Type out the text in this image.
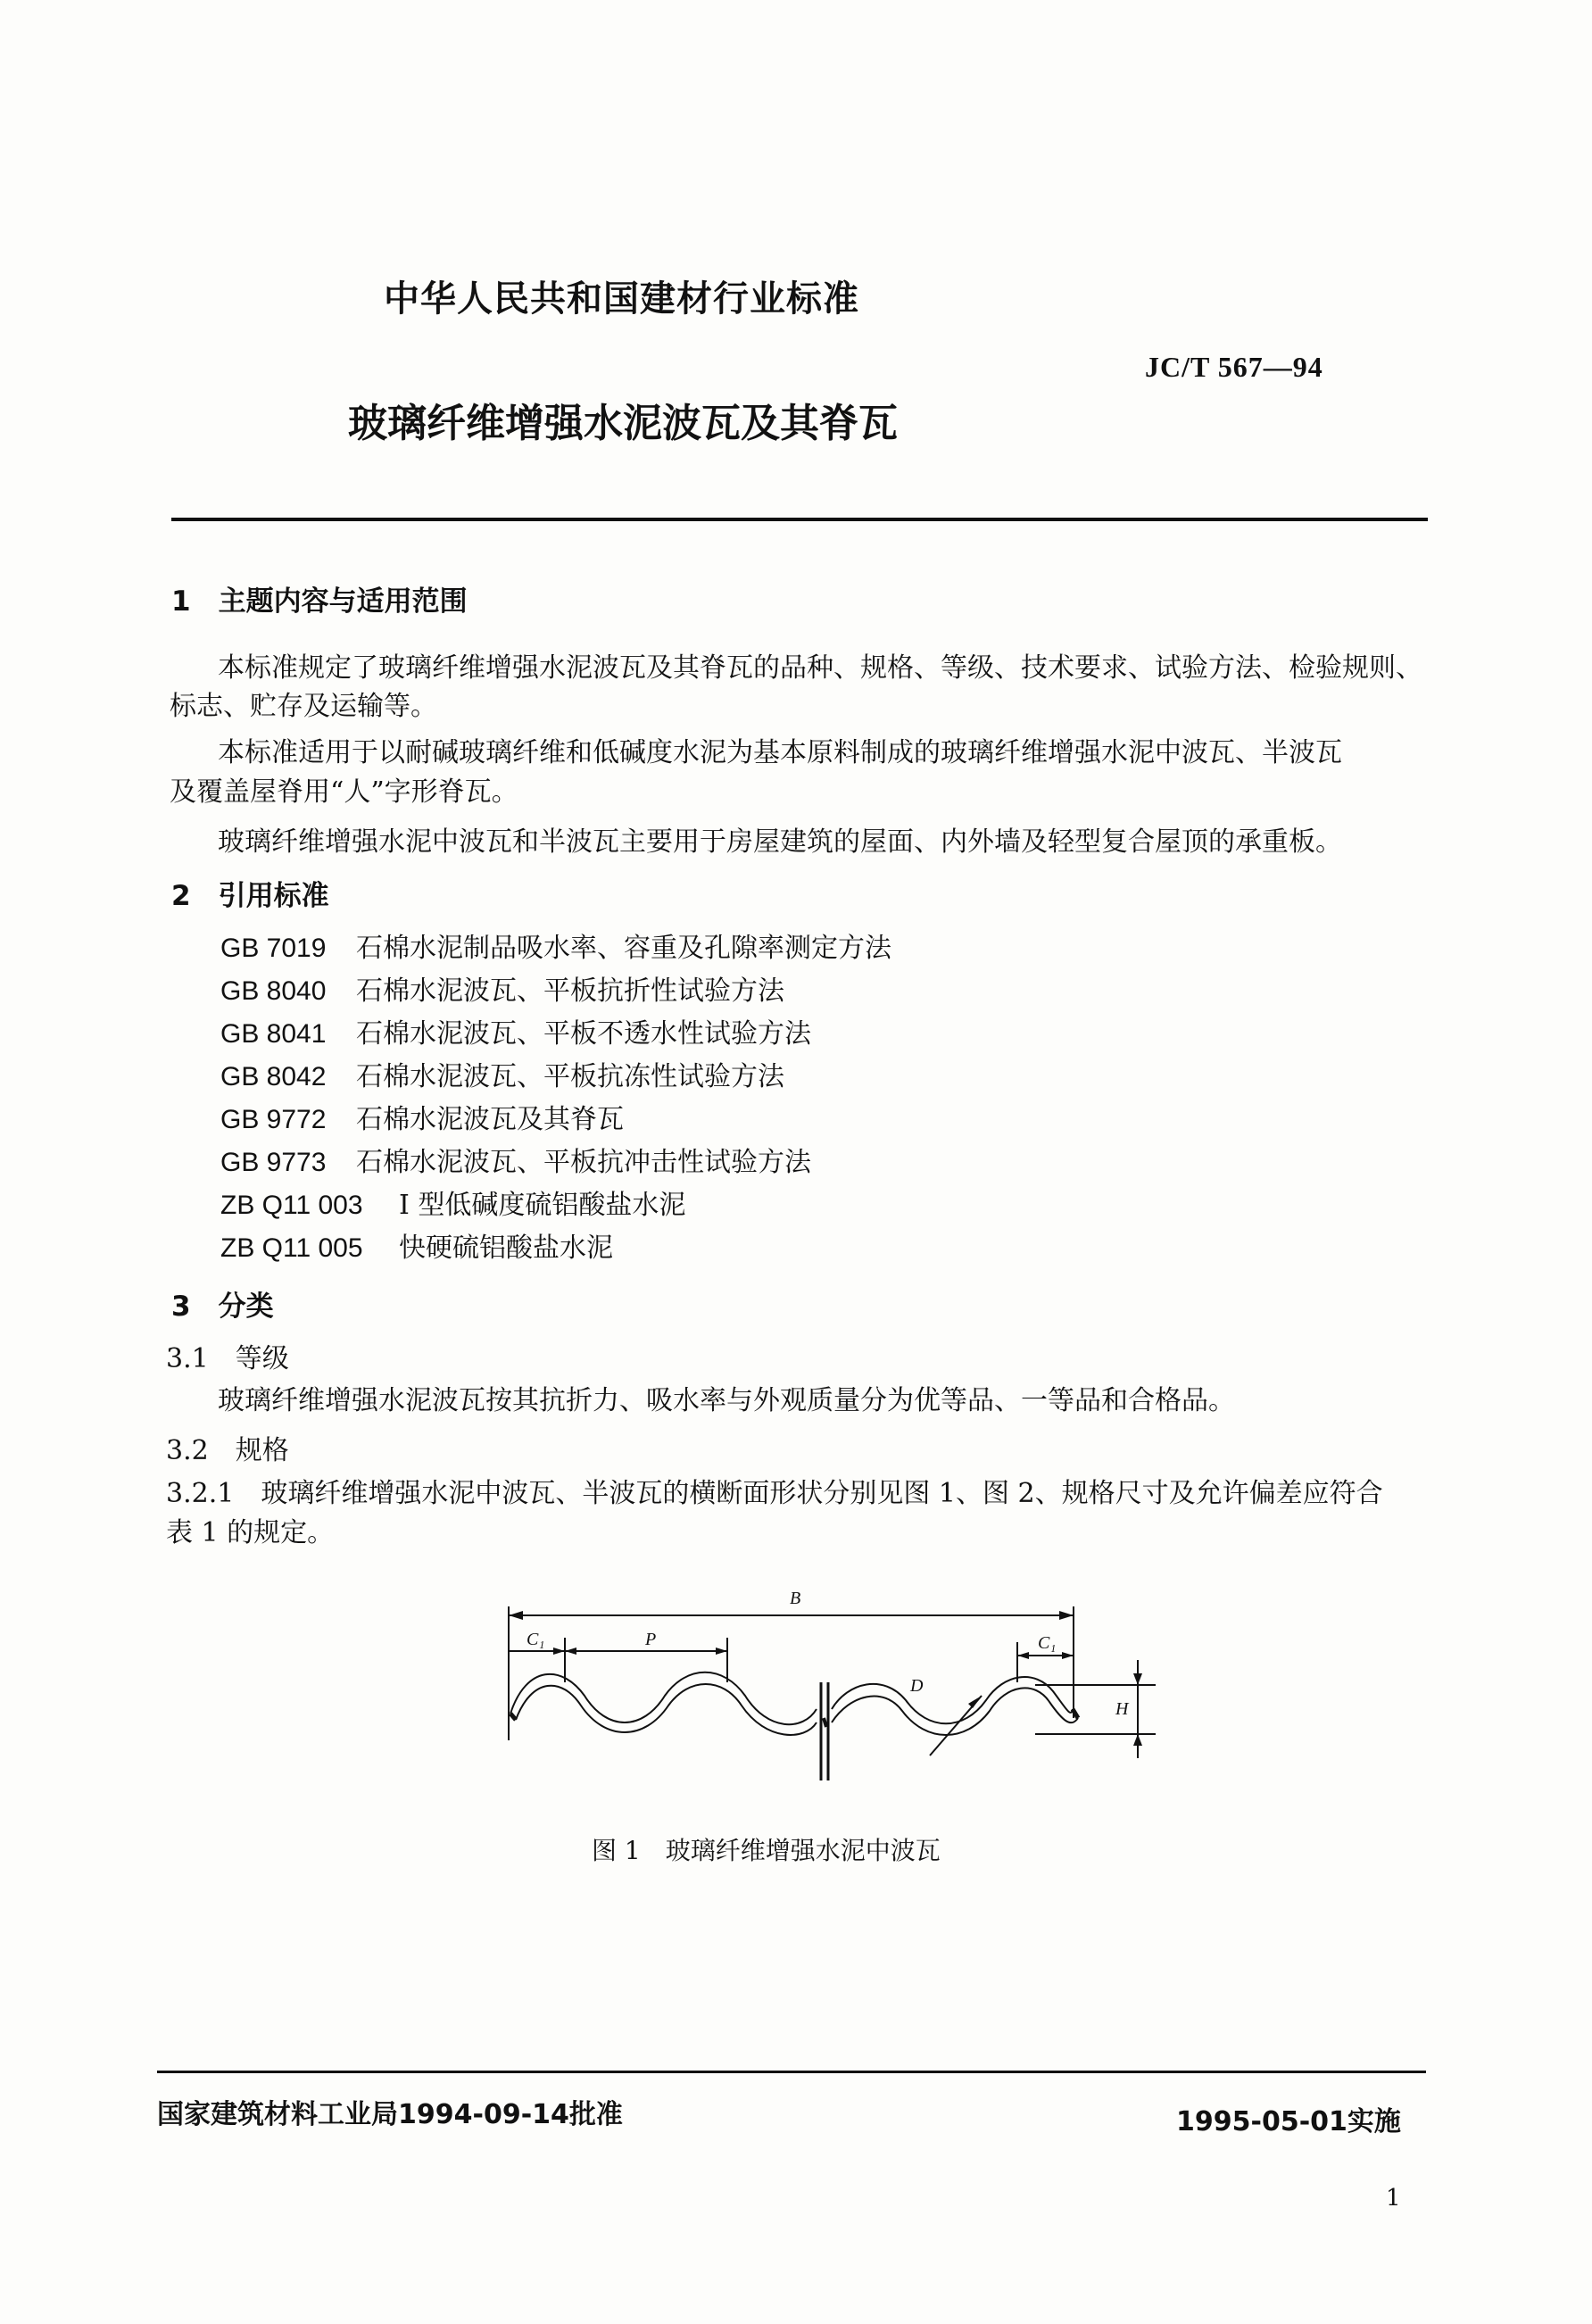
中华人民共和国建材行业标准
JC/T 567—94
玻璃纤维增强水泥波瓦及其脊瓦
1　主题内容与适用范围
本标准规定了玻璃纤维增强水泥波瓦及其脊瓦的品种、规格、等级、技术要求、试验方法、检验规则、
标志、贮存及运输等。
本标准适用于以耐碱玻璃纤维和低碱度水泥为基本原料制成的玻璃纤维增强水泥中波瓦、半波瓦
及覆盖屋脊用“人”字形脊瓦。
玻璃纤维增强水泥中波瓦和半波瓦主要用于房屋建筑的屋面、内外墙及轻型复合屋顶的承重板。
2　引用标准
GB 7019 石棉水泥制品吸水率、容重及孔隙率测定方法
GB 8040 石棉水泥波瓦、平板抗折性试验方法
GB 8041 石棉水泥波瓦、平板不透水性试验方法
GB 8042 石棉水泥波瓦、平板抗冻性试验方法
GB 9772 石棉水泥波瓦及其脊瓦
GB 9773 石棉水泥波瓦、平板抗冲击性试验方法
ZB Q11 003 I 型低碱度硫铝酸盐水泥
ZB Q11 005 快硬硫铝酸盐水泥
3　分类
3.1　等级
玻璃纤维增强水泥波瓦按其抗折力、吸水率与外观质量分为优等品、一等品和合格品。
3.2　规格
3.2.1　玻璃纤维增强水泥中波瓦、半波瓦的横断面形状分别见图 1、图 2、规格尺寸及允许偏差应符合
表 1 的规定。
B
C₁	P	C₁
D
H
图 1　玻璃纤维增强水泥中波瓦
国家建筑材料工业局1994-09-14批准	1995-05-01实施
1
